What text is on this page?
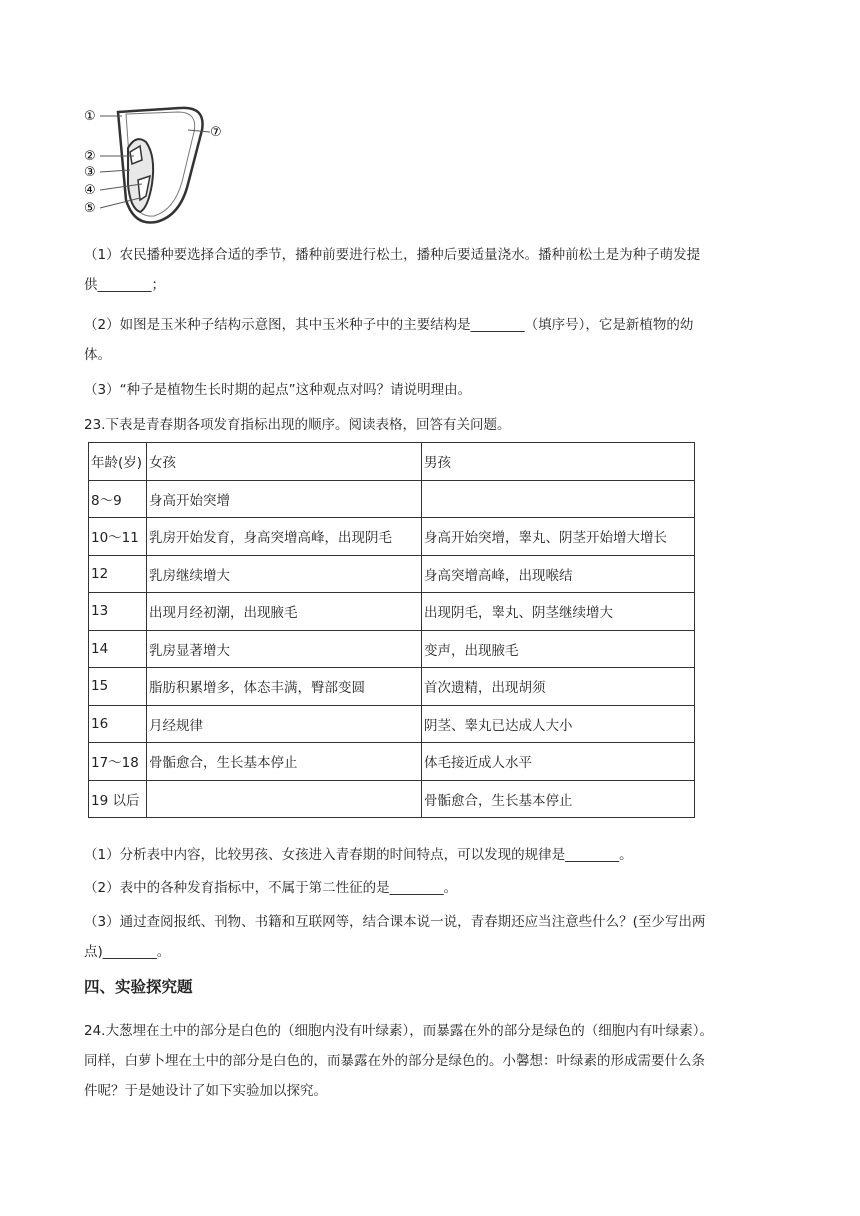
①
②
③
④
⑤
⑦
（1）农民播种要选择合适的季节，播种前要进行松土，播种后要适量浇水。播种前松土是为种子萌发提
供________；
（2）如图是玉米种子结构示意图，其中玉米种子中的主要结构是________（填序号），它是新植物的幼
体。
（3）“种子是植物生长时期的起点”这种观点对吗？请说明理由。
23.下表是青春期各项发育指标出现的顺序。阅读表格，回答有关问题。
年龄(岁)	女孩	男孩
8～9	身高开始突增	
10～11	乳房开始发育，身高突增高峰，出现阴毛	身高开始突增，睾丸、阴茎开始增大增长
12	乳房继续增大	身高突增高峰，出现喉结
13	出现月经初潮，出现腋毛	出现阴毛，睾丸、阴茎继续增大
14	乳房显著增大	变声，出现腋毛
15	脂肪积累增多，体态丰满，臀部变圆	首次遗精，出现胡须
16	月经规律	阴茎、睾丸已达成人大小
17～18	骨骺愈合，生长基本停止	体毛接近成人水平
19 以后		骨骺愈合，生长基本停止
（1）分析表中内容，比较男孩、女孩进入青春期的时间特点，可以发现的规律是________。
（2）表中的各种发育指标中，不属于第二性征的是________。
（3）通过查阅报纸、刊物、书籍和互联网等，结合课本说一说，青春期还应当注意些什么？(至少写出两
点)________。
四、实验探究题
24.大葱埋在土中的部分是白色的（细胞内没有叶绿素），而暴露在外的部分是绿色的（细胞内有叶绿素）。
同样，白萝卜埋在土中的部分是白色的，而暴露在外的部分是绿色的。小馨想：叶绿素的形成需要什么条
件呢？于是她设计了如下实验加以探究。
